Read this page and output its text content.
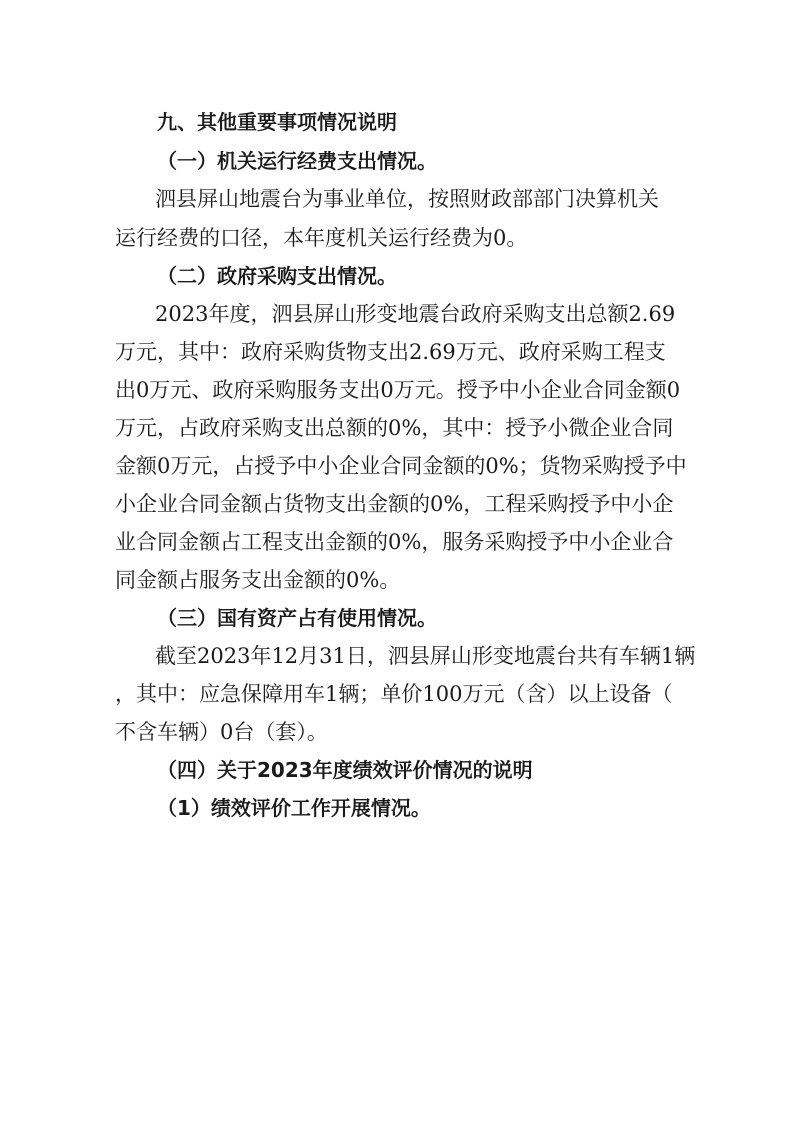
九、其他重要事项情况说明
（一）机关运行经费支出情况。
泗县屏山地震台为事业单位，按照财政部部门决算机关
运行经费的口径，本年度机关运行经费为0。
（二）政府采购支出情况。
2023年度，泗县屏山形变地震台政府采购支出总额2.69
万元，其中：政府采购货物支出2.69万元、政府采购工程支
出0万元、政府采购服务支出0万元。授予中小企业合同金额0
万元，占政府采购支出总额的0%，其中：授予小微企业合同
金额0万元，占授予中小企业合同金额的0%；货物采购授予中
小企业合同金额占货物支出金额的0%，工程采购授予中小企
业合同金额占工程支出金额的0%，服务采购授予中小企业合
同金额占服务支出金额的0%。
（三）国有资产占有使用情况。
截至2023年12月31日，泗县屏山形变地震台共有车辆1辆
，其中：应急保障用车1辆；单价100万元（含）以上设备（
不含车辆）0台（套）。
（四）关于2023年度绩效评价情况的说明
（1）绩效评价工作开展情况。
